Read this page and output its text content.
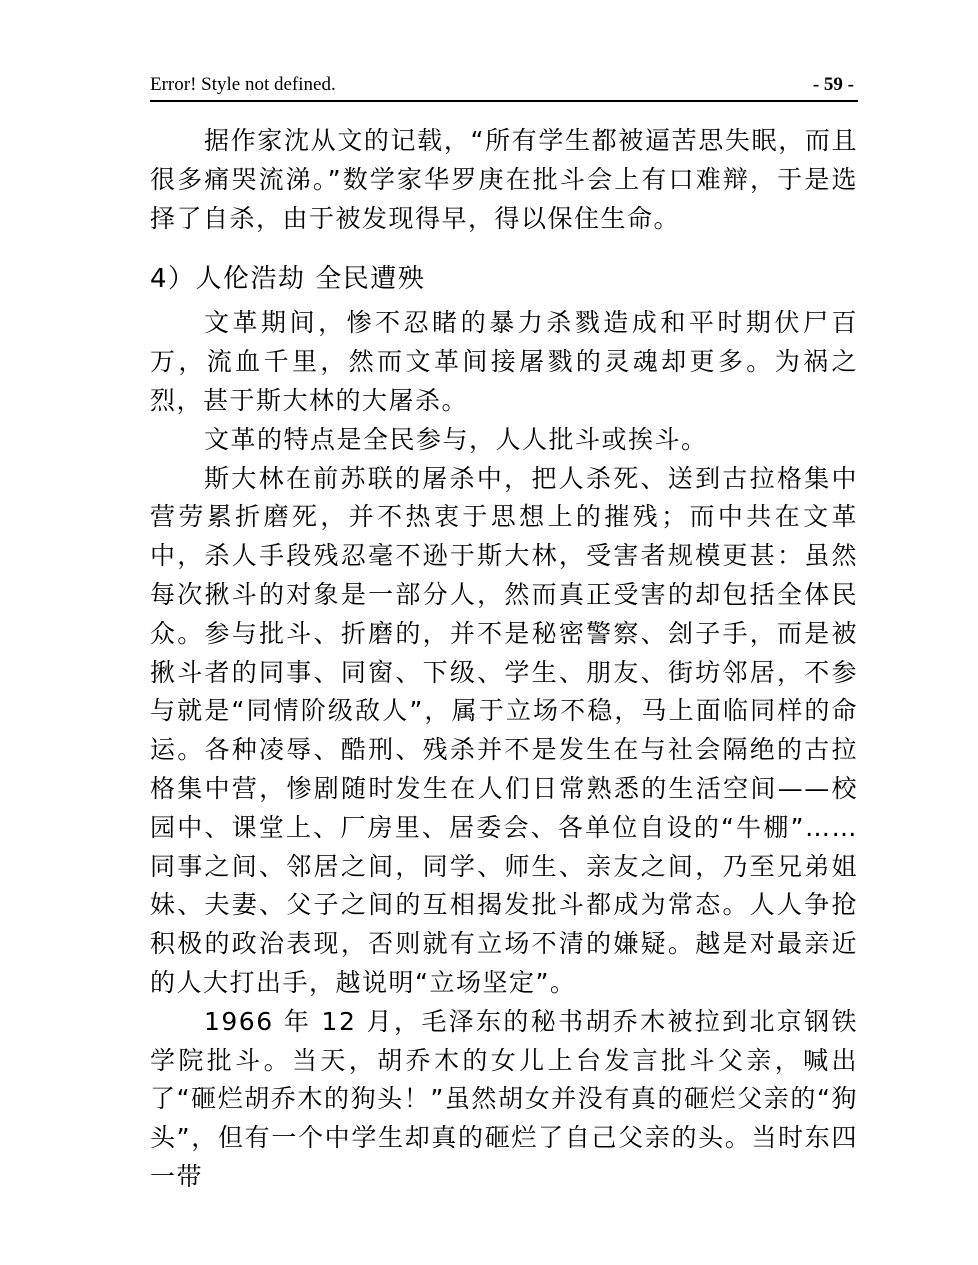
Error! Style not defined.	- 59 -

据作家沈从文的记载，“所有学生都被逼苦思失眠，而且很多痛哭流涕。”数学家华罗庚在批斗会上有口难辩，于是选择了自杀，由于被发现得早，得以保住生命。

4）人伦浩劫 全民遭殃

文革期间，惨不忍睹的暴力杀戮造成和平时期伏尸百万，流血千里，然而文革间接屠戮的灵魂却更多。为祸之烈，甚于斯大林的大屠杀。

文革的特点是全民参与，人人批斗或挨斗。

斯大林在前苏联的屠杀中，把人杀死、送到古拉格集中营劳累折磨死，并不热衷于思想上的摧残；而中共在文革中，杀人手段残忍毫不逊于斯大林，受害者规模更甚：虽然每次揪斗的对象是一部分人，然而真正受害的却包括全体民众。参与批斗、折磨的，并不是秘密警察、刽子手，而是被揪斗者的同事、同窗、下级、学生、朋友、街坊邻居，不参与就是“同情阶级敌人”，属于立场不稳，马上面临同样的命运。各种凌辱、酷刑、残杀并不是发生在与社会隔绝的古拉格集中营，惨剧随时发生在人们日常熟悉的生活空间——校园中、课堂上、厂房里、居委会、各单位自设的“牛棚”……同事之间、邻居之间，同学、师生、亲友之间，乃至兄弟姐妹、夫妻、父子之间的互相揭发批斗都成为常态。人人争抢积极的政治表现，否则就有立场不清的嫌疑。越是对最亲近的人大打出手，越说明“立场坚定”。

1966 年 12 月，毛泽东的秘书胡乔木被拉到北京钢铁学院批斗。当天，胡乔木的女儿上台发言批斗父亲，喊出了“砸烂胡乔木的狗头！”虽然胡女并没有真的砸烂父亲的“狗头”，但有一个中学生却真的砸烂了自己父亲的头。当时东四一带
